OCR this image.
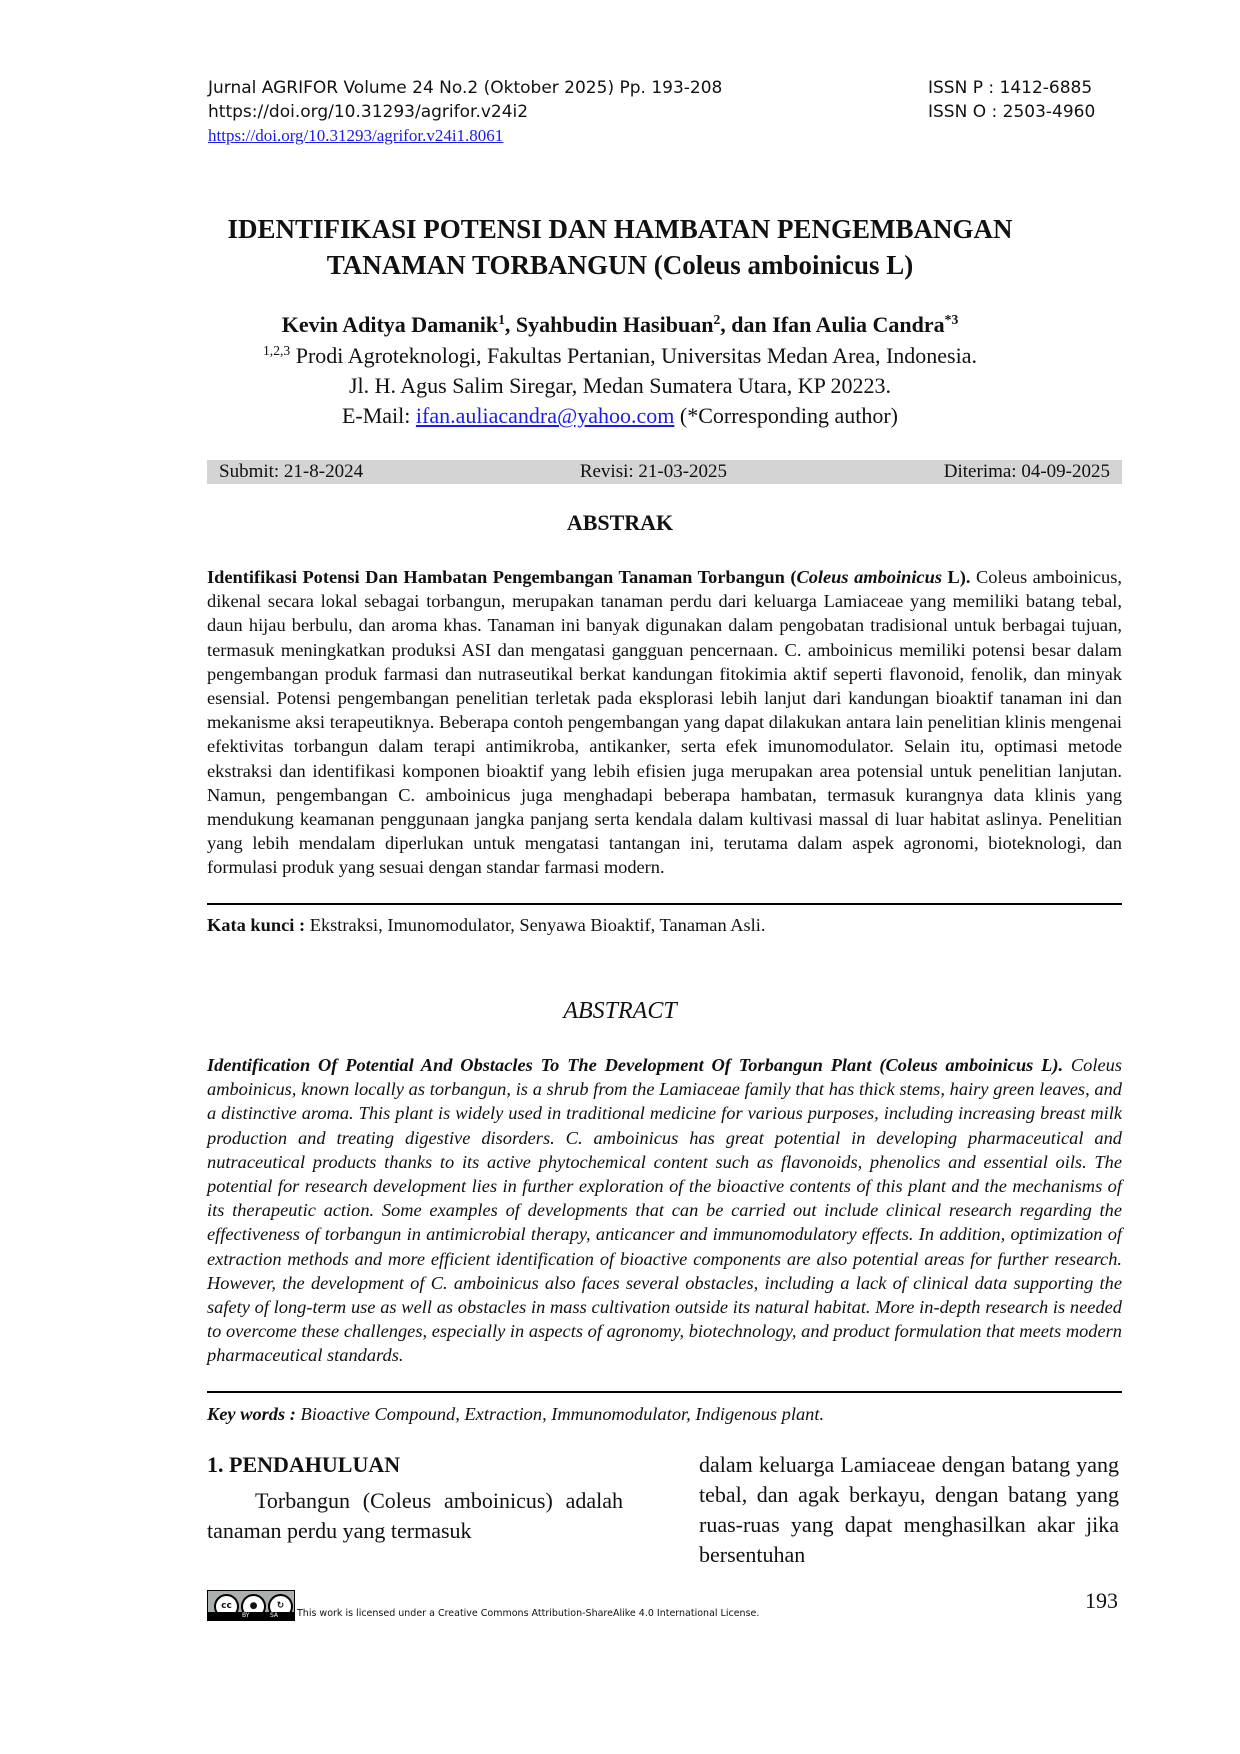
Jurnal AGRIFOR Volume 24 No.2 (Oktober 2025) Pp. 193-208	ISSN P : 1412-6885
https://doi.org/10.31293/agrifor.v24i2	ISSN O : 2503-4960
https://doi.org/10.31293/agrifor.v24i1.8061
IDENTIFIKASI POTENSI DAN HAMBATAN PENGEMBANGAN
TANAMAN TORBANGUN (Coleus amboinicus L)
Kevin Aditya Damanik$^1$, Syahbudin Hasibuan$^2$, dan Ifan Aulia Candra$^{*3}$
$^{1,2,3}$ Prodi Agroteknologi, Fakultas Pertanian, Universitas Medan Area, Indonesia.
Jl. H. Agus Salim Siregar, Medan Sumatera Utara, KP 20223.
E-Mail: ifan.auliacandra@yahoo.com (*Corresponding author)
Submit: 21-8-2024	Revisi: 21-03-2025	Diterima: 04-09-2025
ABSTRAK
Identifikasi Potensi Dan Hambatan Pengembangan Tanaman Torbangun (Coleus amboinicus L). Coleus amboinicus, dikenal secara lokal sebagai torbangun, merupakan tanaman perdu dari keluarga Lamiaceae yang memiliki batang tebal, daun hijau berbulu, dan aroma khas. Tanaman ini banyak digunakan dalam pengobatan tradisional untuk berbagai tujuan, termasuk meningkatkan produksi ASI dan mengatasi gangguan pencernaan. C. amboinicus memiliki potensi besar dalam pengembangan produk farmasi dan nutraseutikal berkat kandungan fitokimia aktif seperti flavonoid, fenolik, dan minyak esensial. Potensi pengembangan penelitian terletak pada eksplorasi lebih lanjut dari kandungan bioaktif tanaman ini dan mekanisme aksi terapeutiknya. Beberapa contoh pengembangan yang dapat dilakukan antara lain penelitian klinis mengenai efektivitas torbangun dalam terapi antimikroba, antikanker, serta efek imunomodulator. Selain itu, optimasi metode ekstraksi dan identifikasi komponen bioaktif yang lebih efisien juga merupakan area potensial untuk penelitian lanjutan. Namun, pengembangan C. amboinicus juga menghadapi beberapa hambatan, termasuk kurangnya data klinis yang mendukung keamanan penggunaan jangka panjang serta kendala dalam kultivasi massal di luar habitat aslinya. Penelitian yang lebih mendalam diperlukan untuk mengatasi tantangan ini, terutama dalam aspek agronomi, bioteknologi, dan formulasi produk yang sesuai dengan standar farmasi modern.
Kata kunci : Ekstraksi, Imunomodulator, Senyawa Bioaktif, Tanaman Asli.
ABSTRACT
Identification Of Potential And Obstacles To The Development Of Torbangun Plant (Coleus amboinicus L). Coleus amboinicus, known locally as torbangun, is a shrub from the Lamiaceae family that has thick stems, hairy green leaves, and a distinctive aroma. This plant is widely used in traditional medicine for various purposes, including increasing breast milk production and treating digestive disorders. C. amboinicus has great potential in developing pharmaceutical and nutraceutical products thanks to its active phytochemical content such as flavonoids, phenolics and essential oils. The potential for research development lies in further exploration of the bioactive contents of this plant and the mechanisms of its therapeutic action. Some examples of developments that can be carried out include clinical research regarding the effectiveness of torbangun in antimicrobial therapy, anticancer and immunomodulatory effects. In addition, optimization of extraction methods and more efficient identification of bioactive components are also potential areas for further research. However, the development of C. amboinicus also faces several obstacles, including a lack of clinical data supporting the safety of long-term use as well as obstacles in mass cultivation outside its natural habitat. More in-depth research is needed to overcome these challenges, especially in aspects of agronomy, biotechnology, and product formulation that meets modern pharmaceutical standards.
Key words : Bioactive Compound, Extraction, Immunomodulator, Indigenous plant.
1. PENDAHULUAN
Torbangun (Coleus amboinicus) adalah tanaman perdu yang termasuk
dalam keluarga Lamiaceae dengan batang yang tebal, dan agak berkayu, dengan batang yang ruas-ruas yang dapat menghasilkan akar jika bersentuhan
cc	●	↻
BY	SA This work is licensed under a Creative Commons Attribution-ShareAlike 4.0 International License.
193
